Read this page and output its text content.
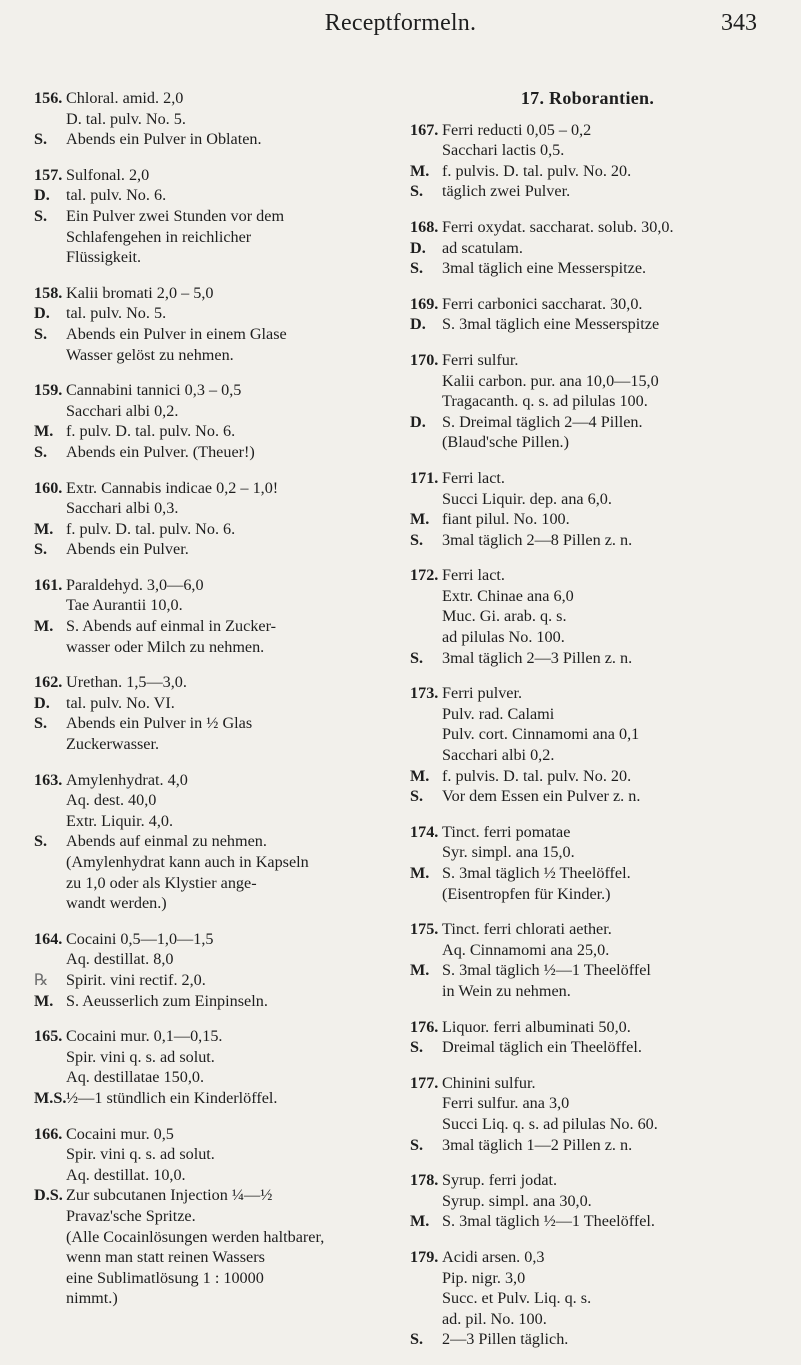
Receptformeln.	343
156. Chloral. amid. 2,0
D. tal. pulv. No. 5.
S.	Abends ein Pulver in Oblaten.
157. Sulfonal. 2,0
D.	tal. pulv. No. 6.
S.	Ein Pulver zwei Stunden vor dem
Schlafengehen in reichlicher
Flüssigkeit.
158. Kalii bromati 2,0 – 5,0
D.	tal. pulv. No. 5.
S.	Abends ein Pulver in einem Glase
Wasser gelöst zu nehmen.
159. Cannabini tannici 0,3 – 0,5
Sacchari albi 0,2.
M. f. pulv. D. tal. pulv. No. 6.
S.	Abends ein Pulver. (Theuer!)
160. Extr. Cannabis indicae 0,2 – 1,0!
Sacchari albi 0,3.
M. f. pulv. D. tal. pulv. No. 6.
S.	Abends ein Pulver.
161. Paraldehyd. 3,0—6,0
Tae Aurantii 10,0.
M. S. Abends auf einmal in Zucker-
wasser oder Milch zu nehmen.
162. Urethan. 1,5—3,0.
D.	tal. pulv. No. VI.
S.	Abends ein Pulver in ½ Glas
Zuckerwasser.
163. Amylenhydrat. 4,0
Aq. dest. 40,0
Extr. Liquir. 4,0.
S.	Abends auf einmal zu nehmen.
(Amylenhydrat kann auch in Kapseln
zu 1,0 oder als Klystier ange-
wandt werden.)
164. Cocaini 0,5—1,0—1,5
Aq. destillat. 8,0
℞	Spirit. vini rectif. 2,0.
M. S. Aeusserlich zum Einpinseln.
165. Cocaini mur. 0,1—0,15.
Spir. vini q. s. ad solut.
Aq. destillatae 150,0.
M.S. ½—1 stündlich ein Kinderlöffel.
166. Cocaini mur. 0,5
Spir. vini q. s. ad solut.
Aq. destillat. 10,0.
D.S. Zur subcutanen Injection ¼—½
Pravaz'sche Spritze.
(Alle Cocainlösungen werden haltbarer,
wenn man statt reinen Wassers
eine Sublimatlösung 1 : 10000
nimmt.)
17. Roborantien.
167. Ferri reducti 0,05 – 0,2
Sacchari lactis 0,5.
M. f. pulvis. D. tal. pulv. No. 20.
S.	täglich zwei Pulver.
168. Ferri oxydat. saccharat. solub. 30,0.
D.	ad scatulam.
S.	3mal täglich eine Messerspitze.
169. Ferri carbonici saccharat. 30,0.
D.	S. 3mal täglich eine Messerspitze
170. Ferri sulfur.
Kalii carbon. pur. ana 10,0—15,0
Tragacanth. q. s. ad pilulas 100.
D.	S. Dreimal täglich 2—4 Pillen.
(Blaud'sche Pillen.)
171. Ferri lact.
Succi Liquir. dep. ana 6,0.
M. fiant pilul. No. 100.
S.	3mal täglich 2—8 Pillen z. n.
172. Ferri lact.
Extr. Chinae ana 6,0
Muc. Gi. arab. q. s.
ad pilulas No. 100.
S.	3mal täglich 2—3 Pillen z. n.
173. Ferri pulver.
Pulv. rad. Calami
Pulv. cort. Cinnamomi ana 0,1
Sacchari albi 0,2.
M. f. pulvis. D. tal. pulv. No. 20.
S.	Vor dem Essen ein Pulver z. n.
174. Tinct. ferri pomatae
Syr. simpl. ana 15,0.
M. S. 3mal täglich ½ Theelöffel.
(Eisentropfen für Kinder.)
175. Tinct. ferri chlorati aether.
Aq. Cinnamomi ana 25,0.
M. S. 3mal täglich ½—1 Theelöffel
in Wein zu nehmen.
176. Liquor. ferri albuminati 50,0.
S.	Dreimal täglich ein Theelöffel.
177. Chinini sulfur.
Ferri sulfur. ana 3,0
Succi Liq. q. s. ad pilulas No. 60.
S.	3mal täglich 1—2 Pillen z. n.
178. Syrup. ferri jodat.
Syrup. simpl. ana 30,0.
M. S. 3mal täglich ½—1 Theelöffel.
179. Acidi arsen. 0,3
Pip. nigr. 3,0
Succ. et Pulv. Liq. q. s.
ad. pil. No. 100.
S.	2—3 Pillen täglich.
